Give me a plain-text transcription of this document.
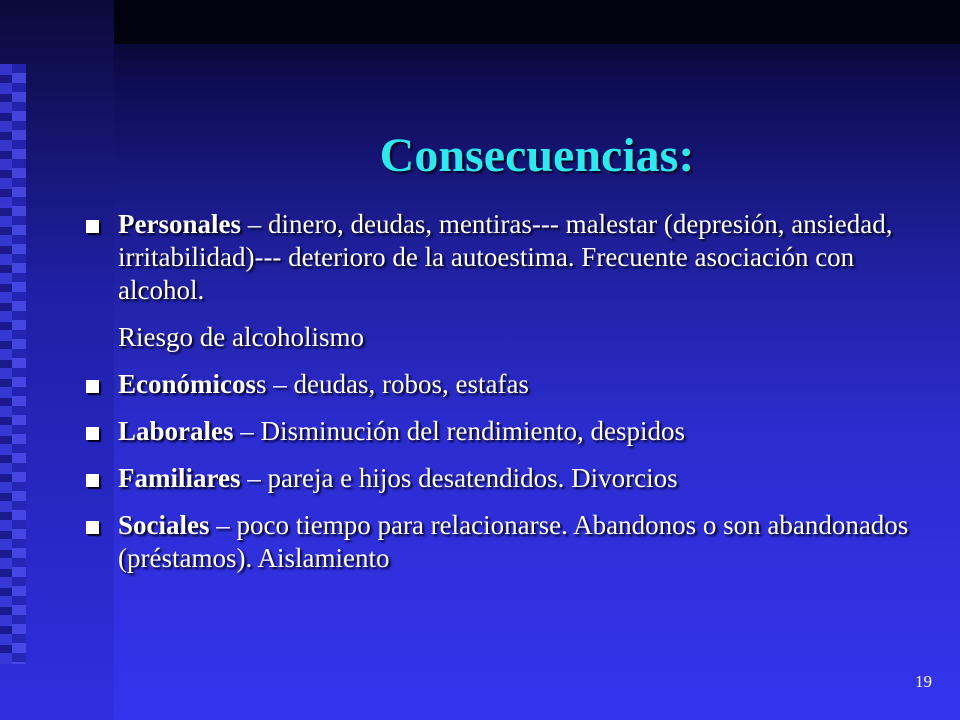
Consecuencias:
Personales – dinero, deudas, mentiras--- malestar (depresión, ansiedad, irritabilidad)--- deterioro de la autoestima. Frecuente asociación con alcohol.
Riesgo de alcoholismo
Económicoss – deudas, robos, estafas
Laborales – Disminución del rendimiento, despidos
Familiares – pareja e hijos desatendidos. Divorcios
Sociales – poco tiempo para relacionarse. Abandonos o son abandonados (préstamos). Aislamiento
19
